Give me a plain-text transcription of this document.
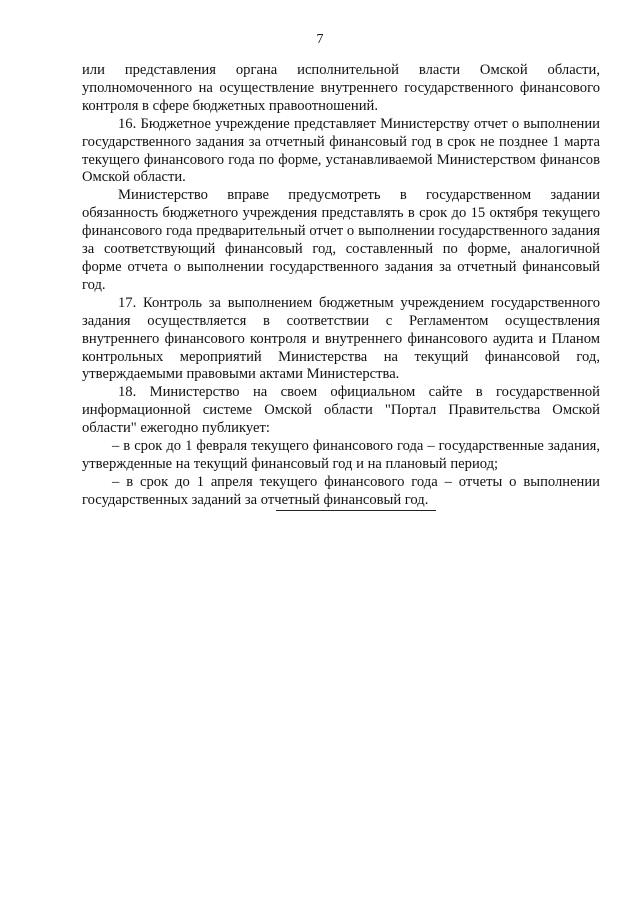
7

или представления органа исполнительной власти Омской области, уполномоченного на осуществление внутреннего государственного финансового контроля в сфере бюджетных правоотношений.

16. Бюджетное учреждение представляет Министерству отчет о выполнении государственного задания за отчетный финансовый год в срок не позднее 1 марта текущего финансового года по форме, устанавливаемой Министерством финансов Омской области.

Министерство вправе предусмотреть в государственном задании обязанность бюджетного учреждения представлять в срок до 15 октября текущего финансового года предварительный отчет о выполнении государственного задания за соответствующий финансовый год, составленный по форме, аналогичной форме отчета о выполнении государственного задания за отчетный финансовый год.

17. Контроль за выполнением бюджетным учреждением государственного задания осуществляется в соответствии с Регламентом осуществления внутреннего финансового контроля и внутреннего финансового аудита и Планом контрольных мероприятий Министерства на текущий финансовой год, утверждаемыми правовыми актами Министерства.

18. Министерство на своем официальном сайте в государственной информационной системе Омской области "Портал Правительства Омской области" ежегодно публикует:

– в срок до 1 февраля текущего финансового года – государственные задания, утвержденные на текущий финансовый год и на плановый период;

– в срок до 1 апреля текущего финансового года – отчеты о выполнении государственных заданий за отчетный финансовый год.
